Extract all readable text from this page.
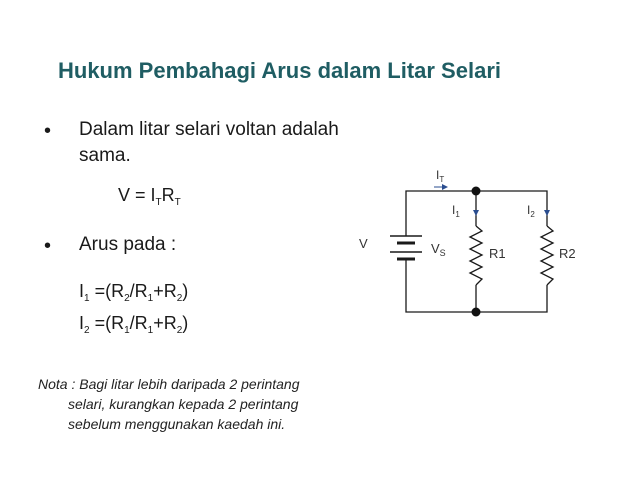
Hukum Pembahagi Arus dalam Litar Selari
• Dalam litar selari voltan adalah
sama.
$V = I_TR_T$
• Arus pada :
$I_1 =(R_2/R_1+R_2)$
$I_2 =(R_1/R_1+R_2)$
Nota : Bagi litar lebih daripada 2 perintang
selari, kurangkan kepada 2 perintang
sebelum menggunakan kaedah ini.
V	$V_S$
$I_T$
$I_1$	$I_2$
R1	R2
